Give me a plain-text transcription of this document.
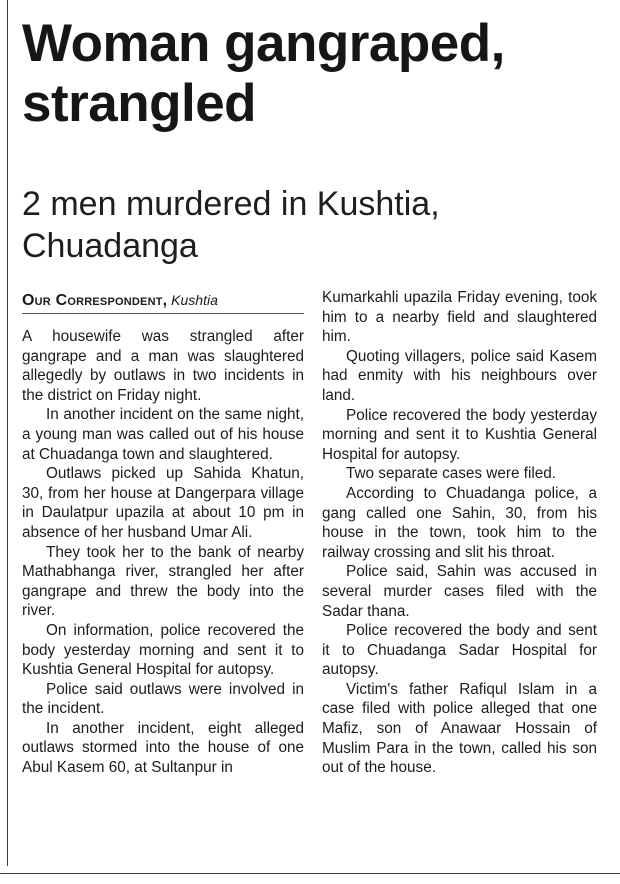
Woman gangraped, strangled
2 men murdered in Kushtia, Chuadanga
Our Correspondent, Kushtia

A housewife was strangled after gangrape and a man was slaughtered allegedly by outlaws in two incidents in the district on Friday night.

In another incident on the same night, a young man was called out of his house at Chuadanga town and slaughtered.

Outlaws picked up Sahida Khatun, 30, from her house at Dangerpara village in Daulatpur upazila at about 10 pm in absence of her husband Umar Ali.

They took her to the bank of nearby Mathabhanga river, strangled her after gangrape and threw the body into the river.

On information, police recovered the body yesterday morning and sent it to Kushtia General Hospital for autopsy.

Police said outlaws were involved in the incident.

In another incident, eight alleged outlaws stormed into the house of one Abul Kasem 60, at Sultanpur in

Kumarkahli upazila Friday evening, took him to a nearby field and slaughtered him.

Quoting villagers, police said Kasem had enmity with his neighbours over land.

Police recovered the body yesterday morning and sent it to Kushtia General Hospital for autopsy.

Two separate cases were filed.

According to Chuadanga police, a gang called one Sahin, 30, from his house in the town, took him to the railway crossing and slit his throat.

Police said, Sahin was accused in several murder cases filed with the Sadar thana.

Police recovered the body and sent it to Chuadanga Sadar Hospital for autopsy.

Victim's father Rafiqul Islam in a case filed with police alleged that one Mafiz, son of Anawaar Hossain of Muslim Para in the town, called his son out of the house.
